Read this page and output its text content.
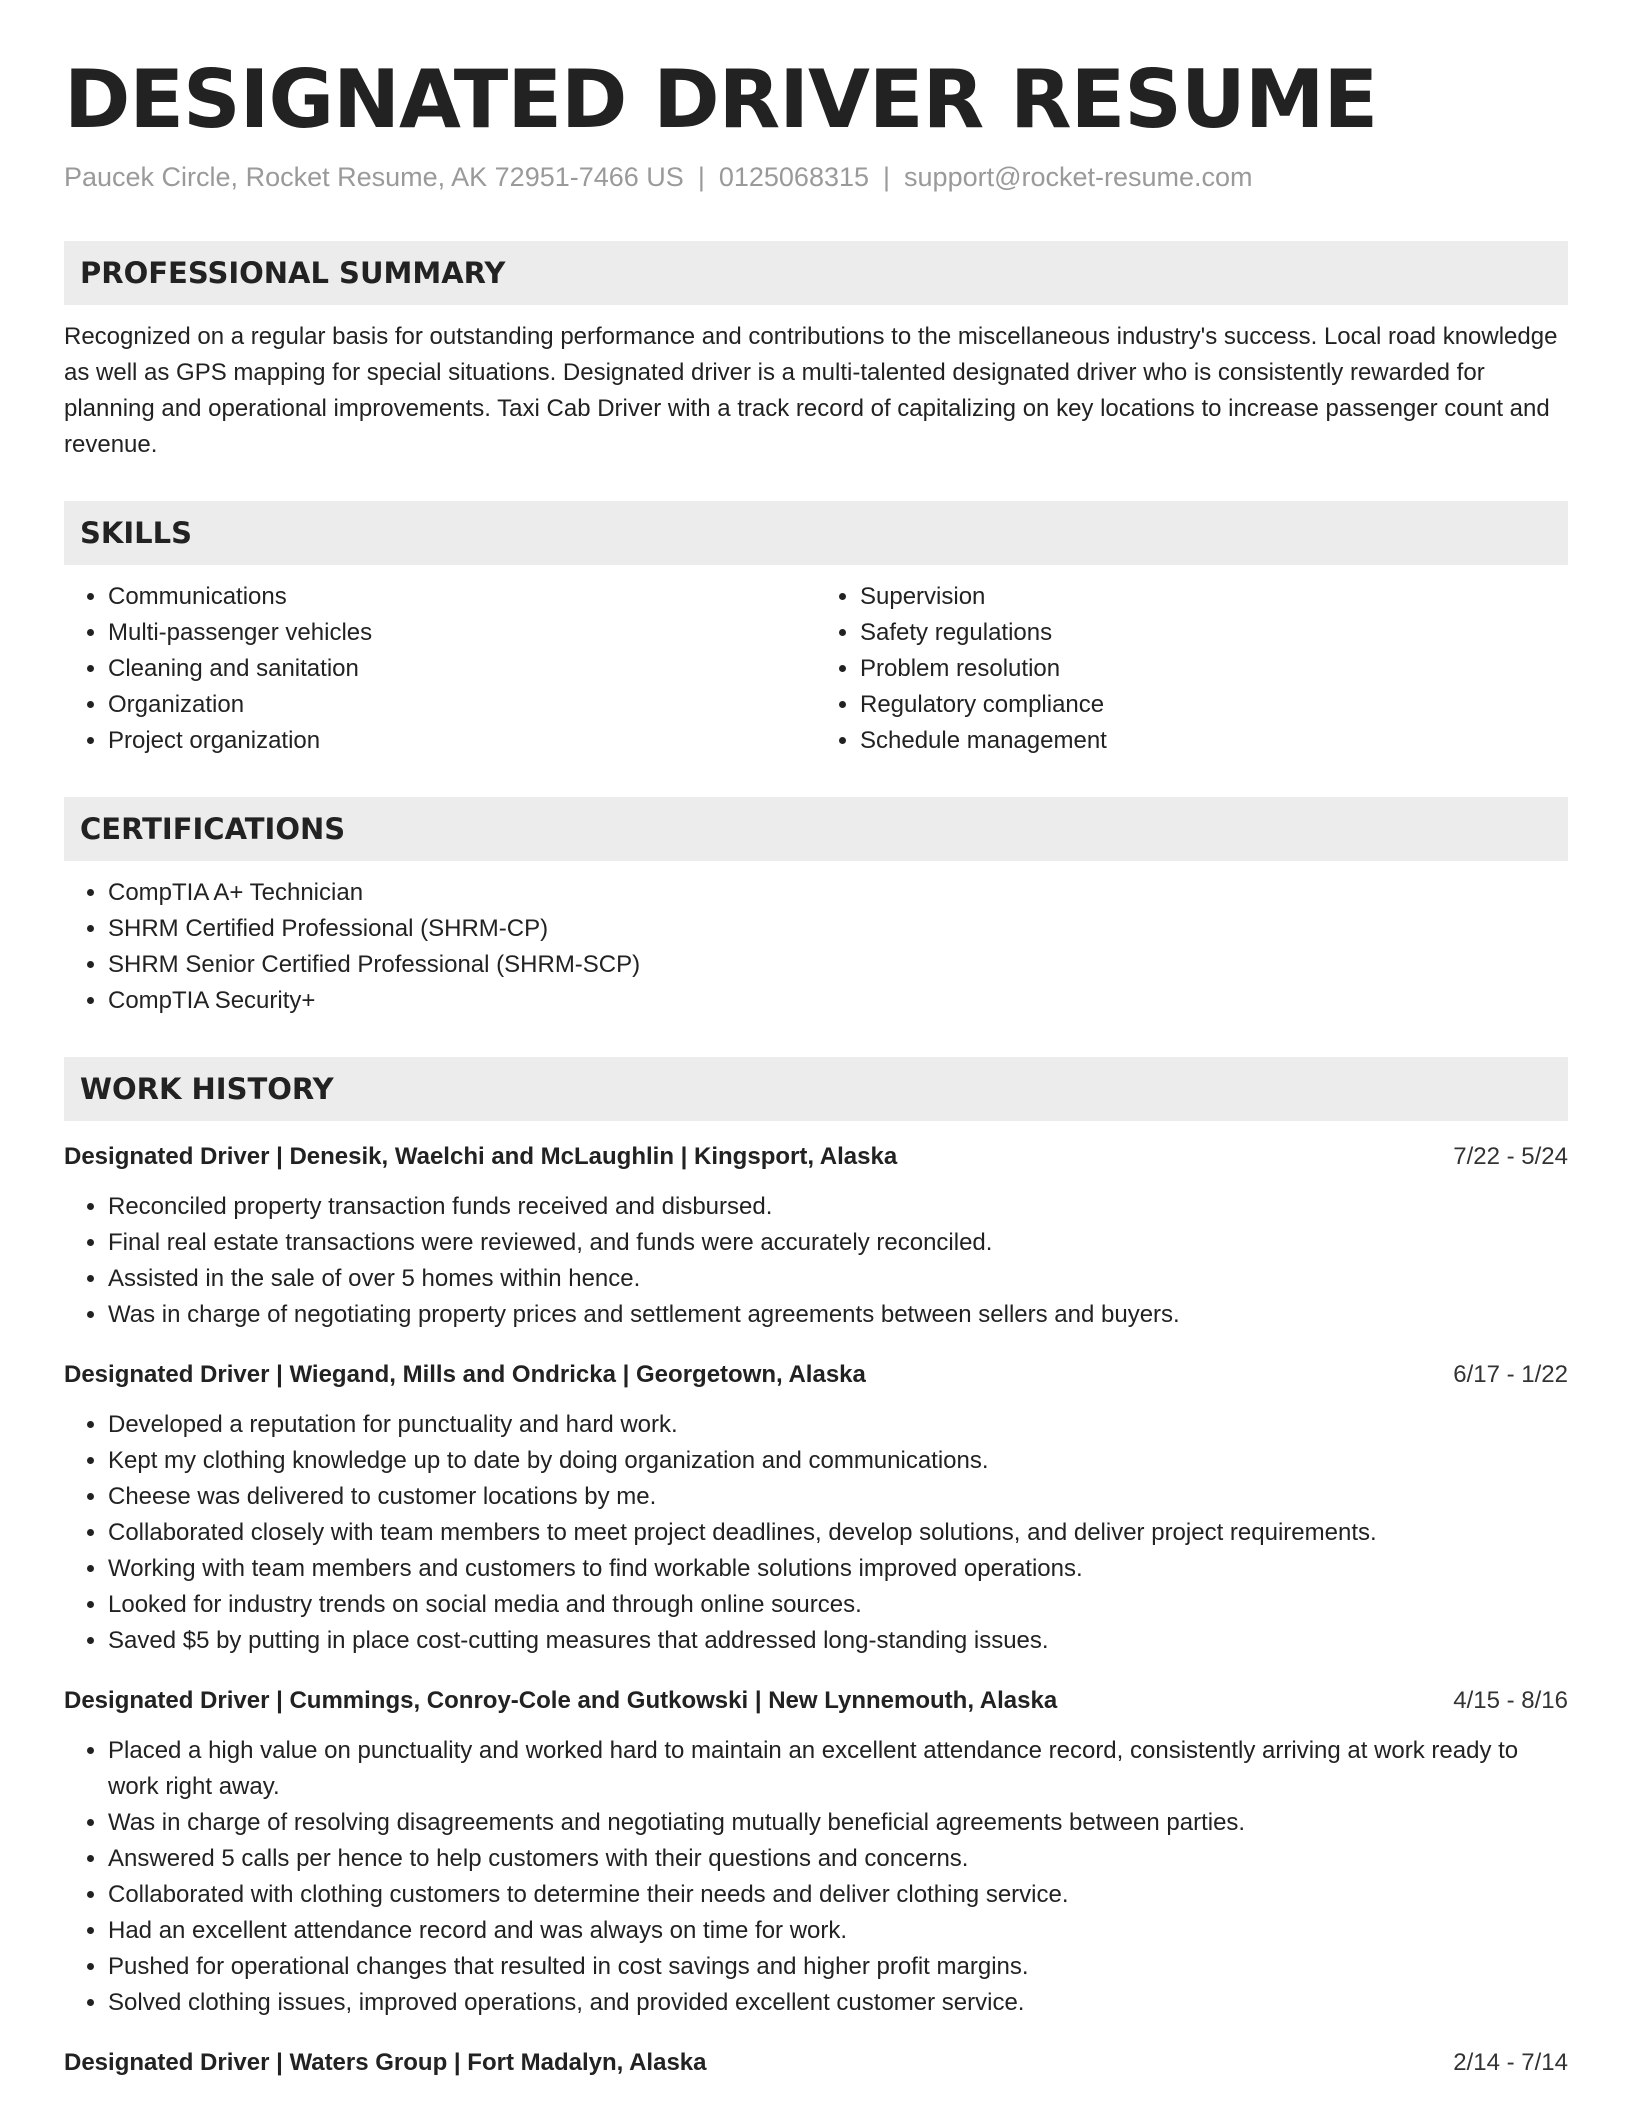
DESIGNATED DRIVER RESUME
Paucek Circle, Rocket Resume, AK 72951-7466 US | 0125068315 | support@rocket-resume.com
PROFESSIONAL SUMMARY

Recognized on a regular basis for outstanding performance and contributions to the miscellaneous industry's success. Local road knowledge as well as GPS mapping for special situations. Designated driver is a multi-talented designated driver who is consistently rewarded for planning and operational improvements. Taxi Cab Driver with a track record of capitalizing on key locations to increase passenger count and revenue.

SKILLS
• Communications
• Multi-passenger vehicles
• Cleaning and sanitation
• Organization
• Project organization
• Supervision
• Safety regulations
• Problem resolution
• Regulatory compliance
• Schedule management
CERTIFICATIONS
• CompTIA A+ Technician
• SHRM Certified Professional (SHRM-CP)
• SHRM Senior Certified Professional (SHRM-SCP)
• CompTIA Security+
WORK HISTORY
Designated Driver | Denesik, Waelchi and McLaughlin | Kingsport, Alaska	7/22 - 5/24
• Reconciled property transaction funds received and disbursed.
• Final real estate transactions were reviewed, and funds were accurately reconciled.
• Assisted in the sale of over 5 homes within hence.
• Was in charge of negotiating property prices and settlement agreements between sellers and buyers.
Designated Driver | Wiegand, Mills and Ondricka | Georgetown, Alaska	6/17 - 1/22
• Developed a reputation for punctuality and hard work.
• Kept my clothing knowledge up to date by doing organization and communications.
• Cheese was delivered to customer locations by me.
• Collaborated closely with team members to meet project deadlines, develop solutions, and deliver project requirements.
• Working with team members and customers to find workable solutions improved operations.
• Looked for industry trends on social media and through online sources.
• Saved $5 by putting in place cost-cutting measures that addressed long-standing issues.
Designated Driver | Cummings, Conroy-Cole and Gutkowski | New Lynnemouth, Alaska	4/15 - 8/16
• Placed a high value on punctuality and worked hard to maintain an excellent attendance record, consistently arriving at work ready to work right away.
• Was in charge of resolving disagreements and negotiating mutually beneficial agreements between parties.
• Answered 5 calls per hence to help customers with their questions and concerns.
• Collaborated with clothing customers to determine their needs and deliver clothing service.
• Had an excellent attendance record and was always on time for work.
• Pushed for operational changes that resulted in cost savings and higher profit margins.
• Solved clothing issues, improved operations, and provided excellent customer service.
Designated Driver | Waters Group | Fort Madalyn, Alaska	2/14 - 7/14
